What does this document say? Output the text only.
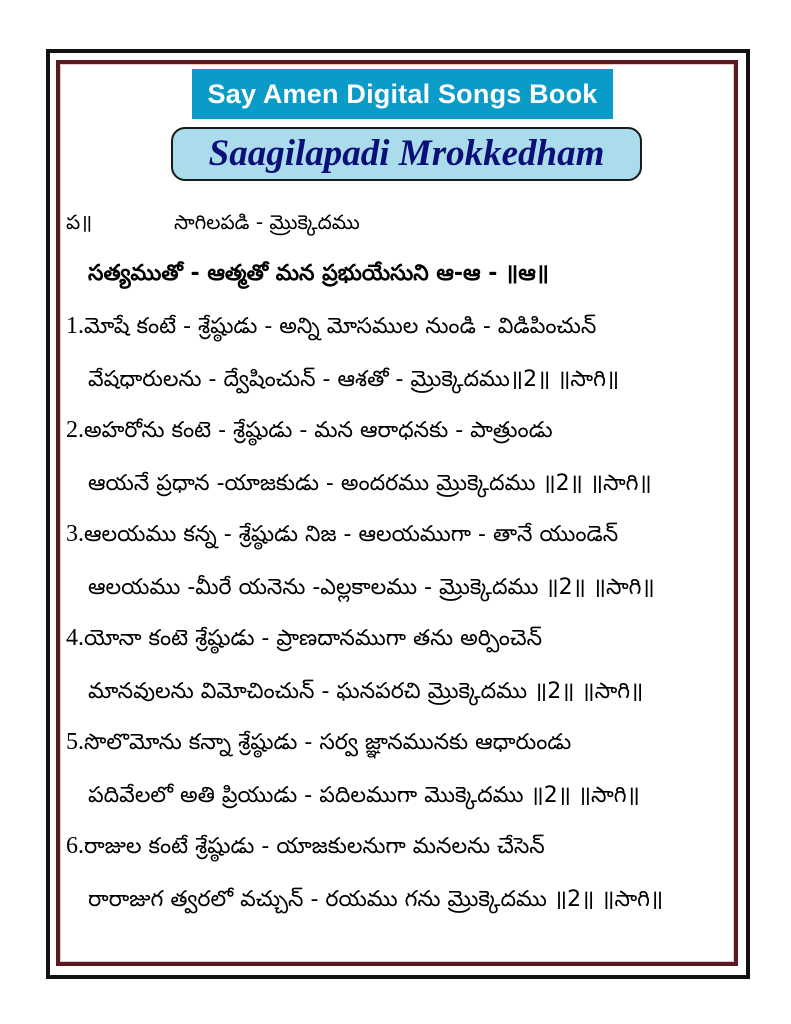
Say Amen Digital Songs Book
Saagilapadi Mrokkedham
ప॥	సాగిలపడి - మ్రొక్కెదము
సత్యముతో - ఆత్మతో మన ప్రభుయేసుని ఆ-ఆ - ॥ఆ॥
1.మోషే కంటే - శ్రేష్ఠుడు - అన్ని మోసముల నుండి - విడిపించున్
వేషధారులను - ద్వేషించున్ - ఆశతో - మ్రొక్కెదము॥2॥ ॥సాగి॥
2.అహరోను కంటె - శ్రేష్ఠుడు - మన ఆరాధనకు - పాత్రుండు
ఆయనే ప్రధాన -యాజకుడు - అందరము మ్రొక్కెదము ॥2॥ ॥సాగి॥
3.ఆలయము కన్న - శ్రేష్ఠుడు నిజ - ఆలయముగా - తానే యుండెన్
ఆలయము -మీరే యనెను -ఎల్లకాలము - మ్రొక్కెదము ॥2॥ ॥సాగి॥
4.యోనా కంటె శ్రేష్ఠుడు - ప్రాణదానముగా తను అర్పించెన్
మానవులను విమోచించున్ - ఘనపరచి మ్రొక్కెదము ॥2॥ ॥సాగి॥
5.సొలొమోను కన్నా శ్రేష్ఠుడు - సర్వ జ్ఞానమునకు ఆధారుండు
పదివేలలో అతి ప్రియుడు - పదిలముగా మొక్కెదము ॥2॥ ॥సాగి॥
6.రాజుల కంటే శ్రేష్ఠుడు - యాజకులనుగా మనలను చేసెన్
రారాజుగ త్వరలో వచ్చున్ - రయము గను మ్రొక్కెదము ॥2॥ ॥సాగి॥
